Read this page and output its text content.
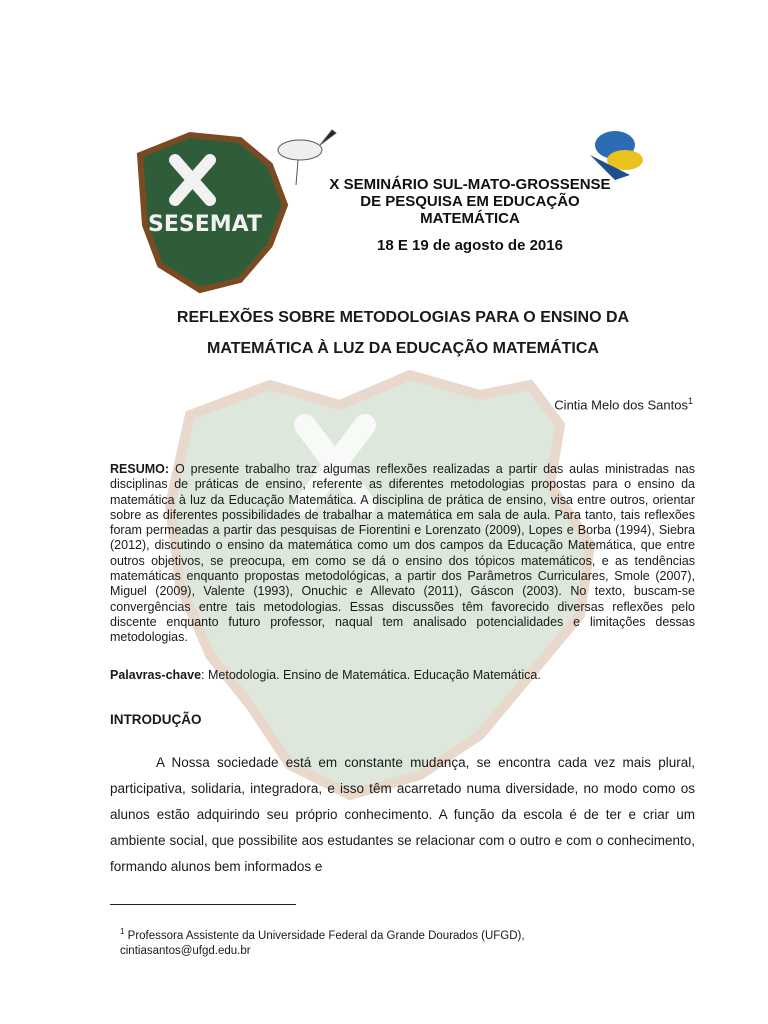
SESEMAT
X SEMINÁRIO SUL-MATO-GROSSENSE
DE PESQUISA EM EDUCAÇÃO
MATEMÁTICA
18 E 19 de agosto de 2016
REFLEXÕES SOBRE METODOLOGIAS PARA O ENSINO DA
MATEMÁTICA À LUZ DA EDUCAÇÃO MATEMÁTICA
Cintia Melo dos Santos$^1$
RESUMO: O presente trabalho traz algumas reflexões realizadas a partir das aulas ministradas nas disciplinas de práticas de ensino, referente as diferentes metodologias propostas para o ensino da matemática à luz da Educação Matemática. A disciplina de prática de ensino, visa entre outros, orientar sobre as diferentes possibilidades de trabalhar a matemática em sala de aula. Para tanto, tais reflexões foram permeadas a partir das pesquisas de Fiorentini e Lorenzato (2009), Lopes e Borba (1994), Siebra (2012), discutindo o ensino da matemática como um dos campos da Educação Matemática, que entre outros objetivos, se preocupa, em como se dá o ensino dos tópicos matemáticos, e as tendências matemáticas enquanto propostas metodológicas, a partir dos Parâmetros Curriculares, Smole (2007), Miguel (2009), Valente (1993), Onuchic e Allevato (2011), Gáscon (2003). No texto, buscam-se convergências entre tais metodologias. Essas discussões têm favorecido diversas reflexões pelo discente enquanto futuro professor, naqual tem analisado potencialidades e limitações dessas metodologias.
Palavras-chave: Metodologia. Ensino de Matemática. Educação Matemática.
INTRODUÇÃO
A Nossa sociedade está em constante mudança, se encontra cada vez mais plural, participativa, solidaria, integradora, e isso têm acarretado numa diversidade, no modo como os alunos estão adquirindo seu próprio conhecimento. A função da escola é de ter e criar um ambiente social, que possibilite aos estudantes se relacionar com o outro e com o conhecimento, formando alunos bem informados e
$^1$ Professora Assistente da Universidade Federal da Grande Dourados (UFGD),
cintiasantos@ufgd.edu.br
